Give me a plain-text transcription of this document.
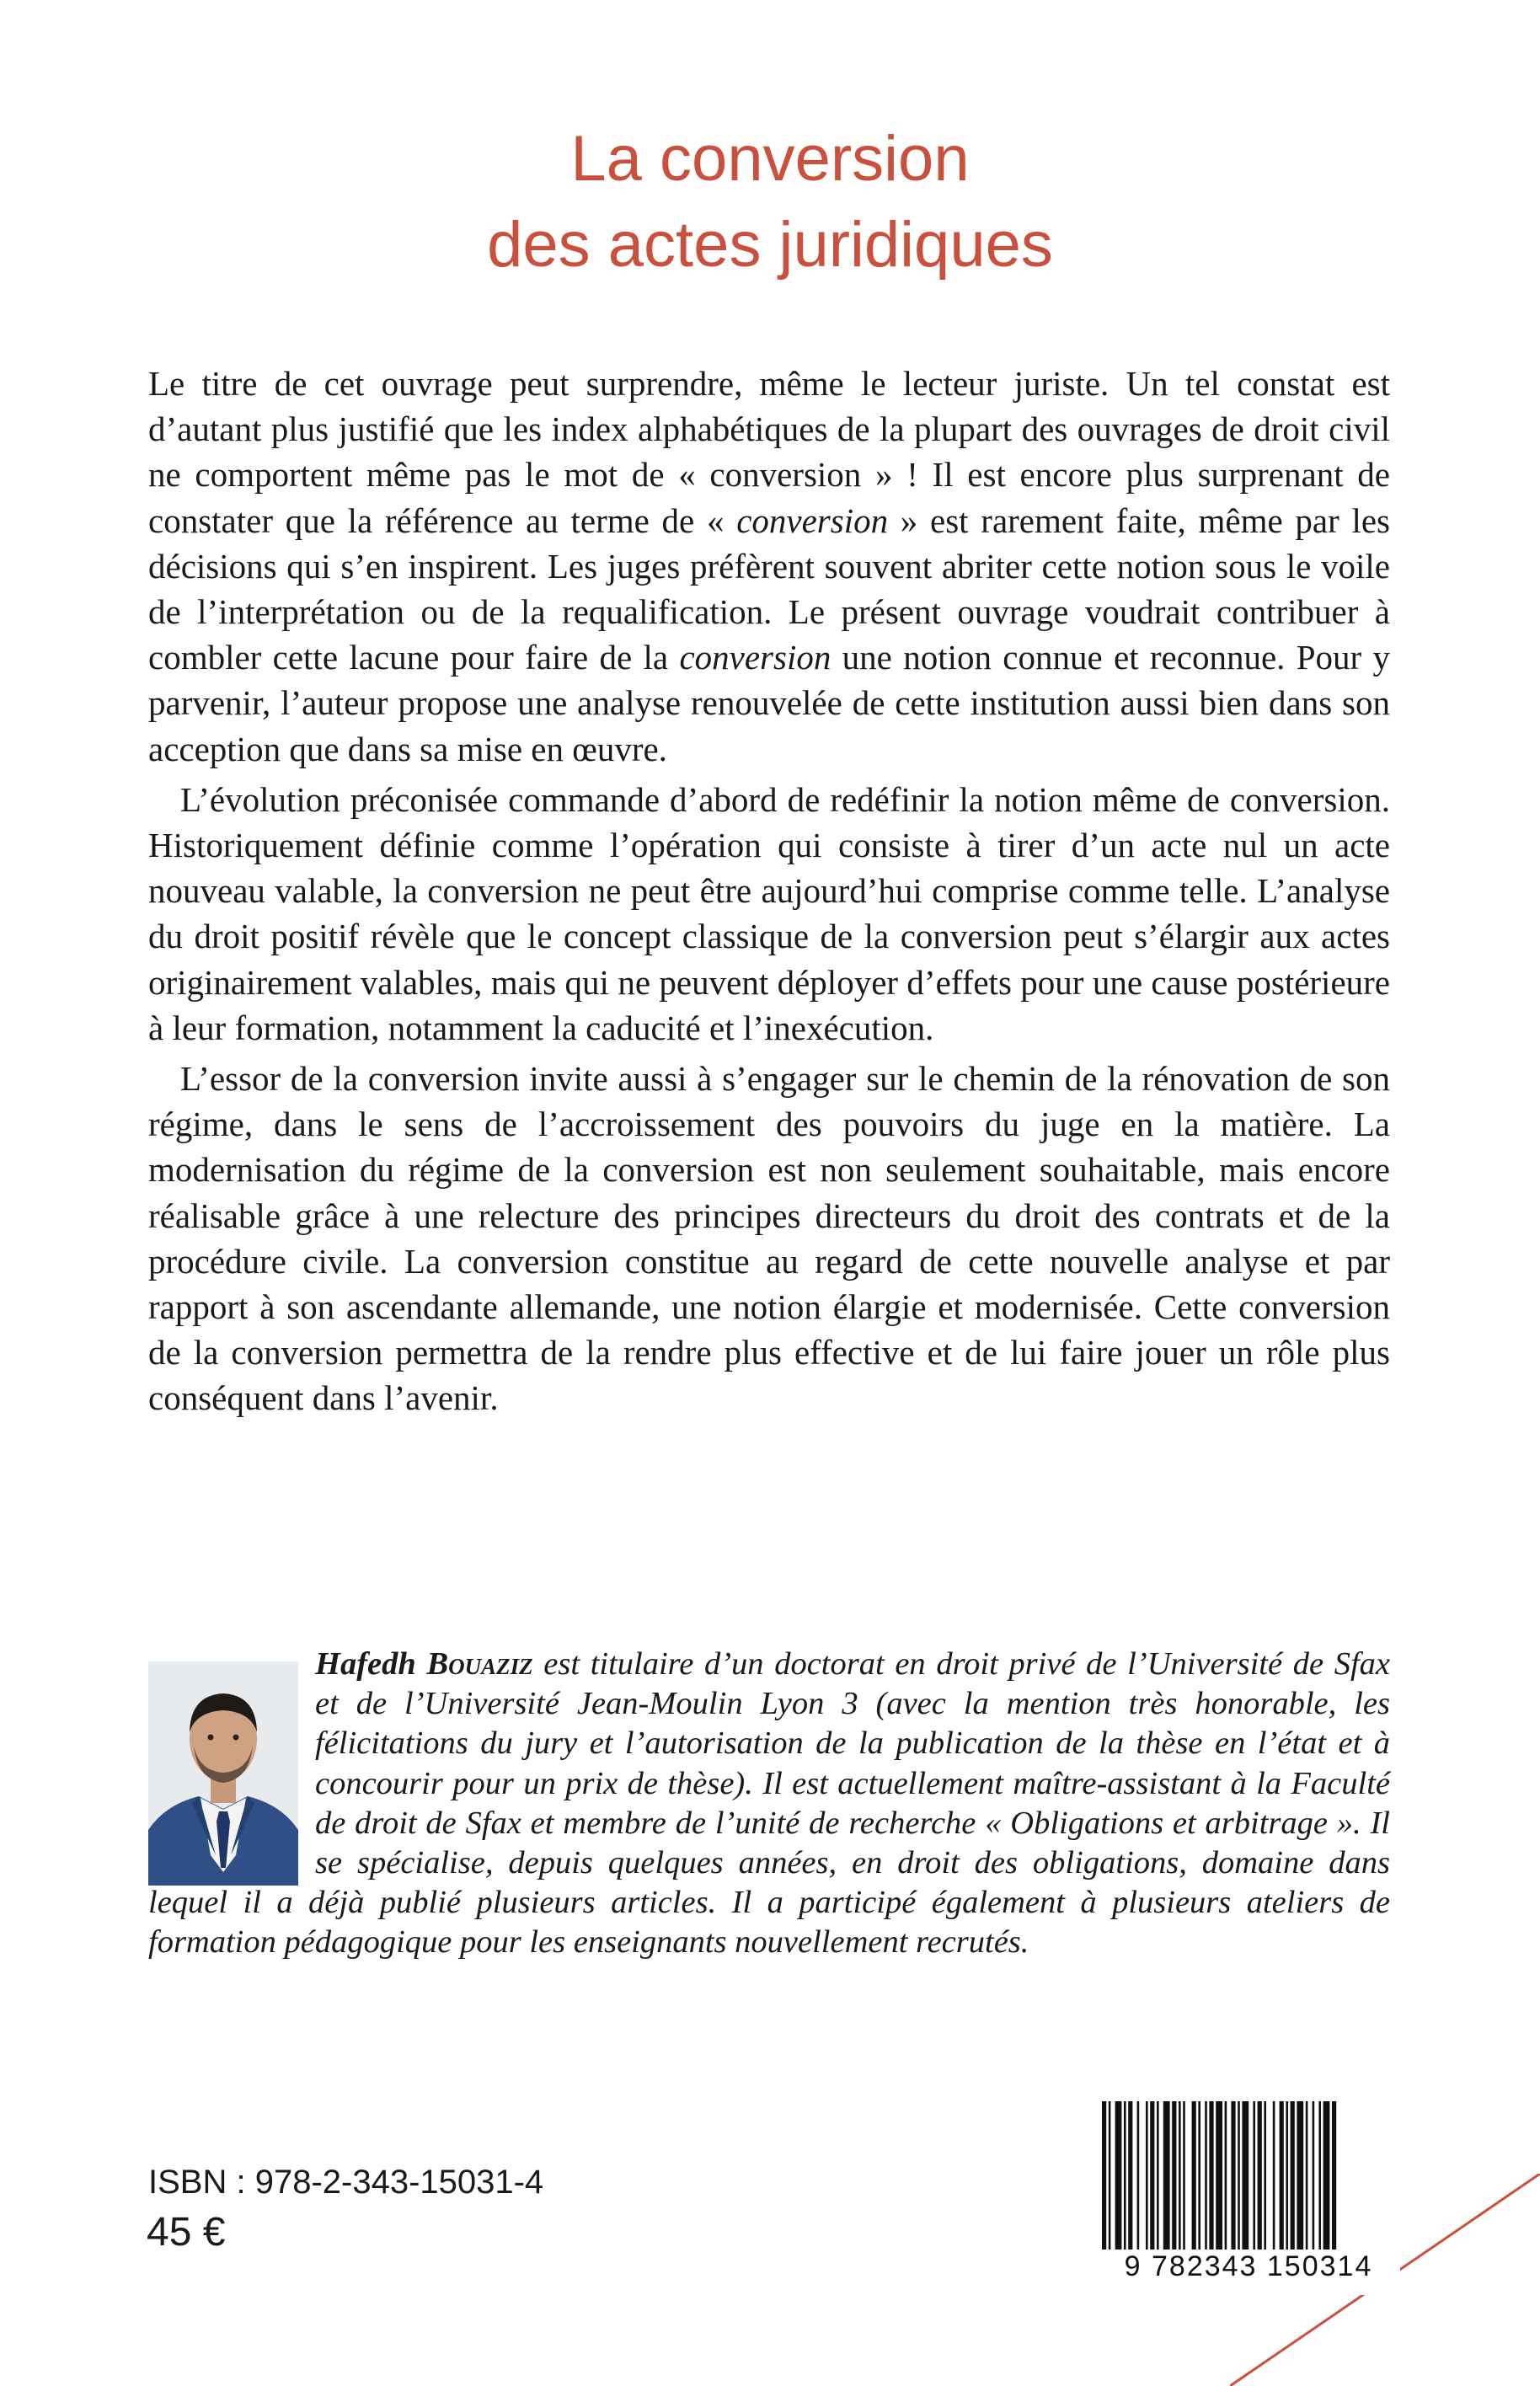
La conversion
des actes juridiques

Le titre de cet ouvrage peut surprendre, même le lecteur juriste. Un tel constat est d’autant plus justifié que les index alphabétiques de la plupart des ouvrages de droit civil ne comportent même pas le mot de « conversion » ! Il est encore plus surprenant de constater que la référence au terme de « conversion » est rarement faite, même par les décisions qui s’en inspirent. Les juges préfèrent souvent abriter cette notion sous le voile de l’interprétation ou de la requalification. Le présent ouvrage voudrait contribuer à combler cette lacune pour faire de la conversion une notion connue et reconnue. Pour y parvenir, l’auteur propose une analyse renouvelée de cette institution aussi bien dans son acception que dans sa mise en œuvre.

L’évolution préconisée commande d’abord de redéfinir la notion même de conversion. Historiquement définie comme l’opération qui consiste à tirer d’un acte nul un acte nouveau valable, la conversion ne peut être aujourd’hui comprise comme telle. L’analyse du droit positif révèle que le concept classique de la conversion peut s’élargir aux actes originairement valables, mais qui ne peuvent déployer d’effets pour une cause postérieure à leur formation, notamment la caducité et l’inexécution.

L’essor de la conversion invite aussi à s’engager sur le chemin de la rénovation de son régime, dans le sens de l’accroissement des pouvoirs du juge en la matière. La modernisation du régime de la conversion est non seulement souhaitable, mais encore réalisable grâce à une relecture des principes directeurs du droit des contrats et de la procédure civile. La conversion constitue au regard de cette nouvelle analyse et par rapport à son ascendante allemande, une notion élargie et modernisée. Cette conversion de la conversion permettra de la rendre plus effective et de lui faire jouer un rôle plus conséquent dans l’avenir.

Hafedh Bouaziz est titulaire d’un doctorat en droit privé de l’Université de Sfax et de l’Université Jean-Moulin Lyon 3 (avec la mention très honorable, les félicitations du jury et l’autorisation de la publication de la thèse en l’état et à concourir pour un prix de thèse). Il est actuellement maître-assistant à la Faculté de droit de Sfax et membre de l’unité de recherche « Obligations et arbitrage ». Il se spécialise, depuis quelques années, en droit des obligations, domaine dans lequel il a déjà publié plusieurs articles. Il a participé également à plusieurs ateliers de formation pédagogique pour les enseignants nouvellement recrutés.
ISBN : 978-2-343-15031-4
45 €
9 782343 150314
